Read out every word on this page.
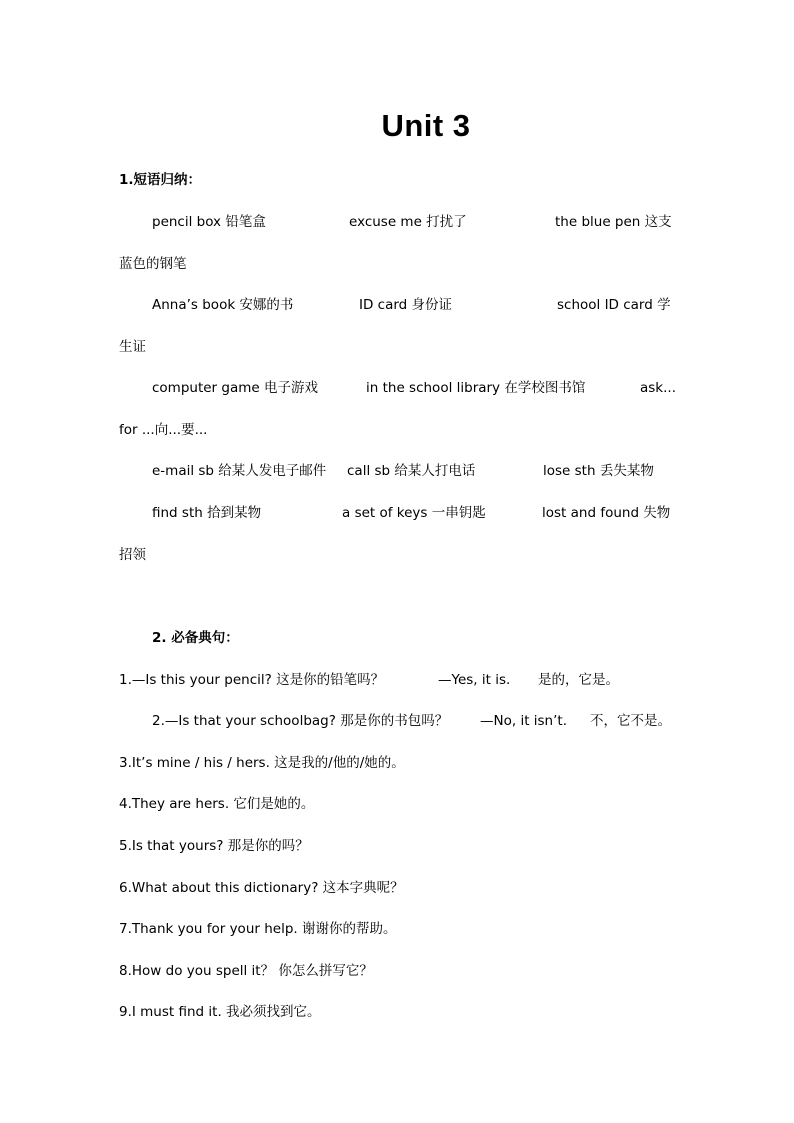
Unit 3
1.短语归纳：
pencil box 铅笔盒	excuse me 打扰了	the blue pen 这支
蓝色的钢笔
Anna’s book 安娜的书	ID card 身份证	school ID card 学
生证
computer game 电子游戏	in the school library 在学校图书馆	ask...
for ...向...要...
e-mail sb 给某人发电子邮件 call sb 给某人打电话	lose sth 丢失某物
find sth 拾到某物	a set of keys 一串钥匙	lost and found 失物
招领
2. 必备典句：
1.—Is this your pencil? 这是你的铅笔吗？	—Yes, it is. 是的，它是。
2.—Is that your schoolbag? 那是你的书包吗？ —No, it isn’t. 不，它不是。
3.It’s mine / his / hers. 这是我的/他的/她的。
4.They are hers. 它们是她的。
5.Is that yours? 那是你的吗？
6.What about this dictionary? 这本字典呢？
7.Thank you for your help. 谢谢你的帮助。
8.How do you spell it？ 你怎么拼写它？
9.I must find it. 我必须找到它。
